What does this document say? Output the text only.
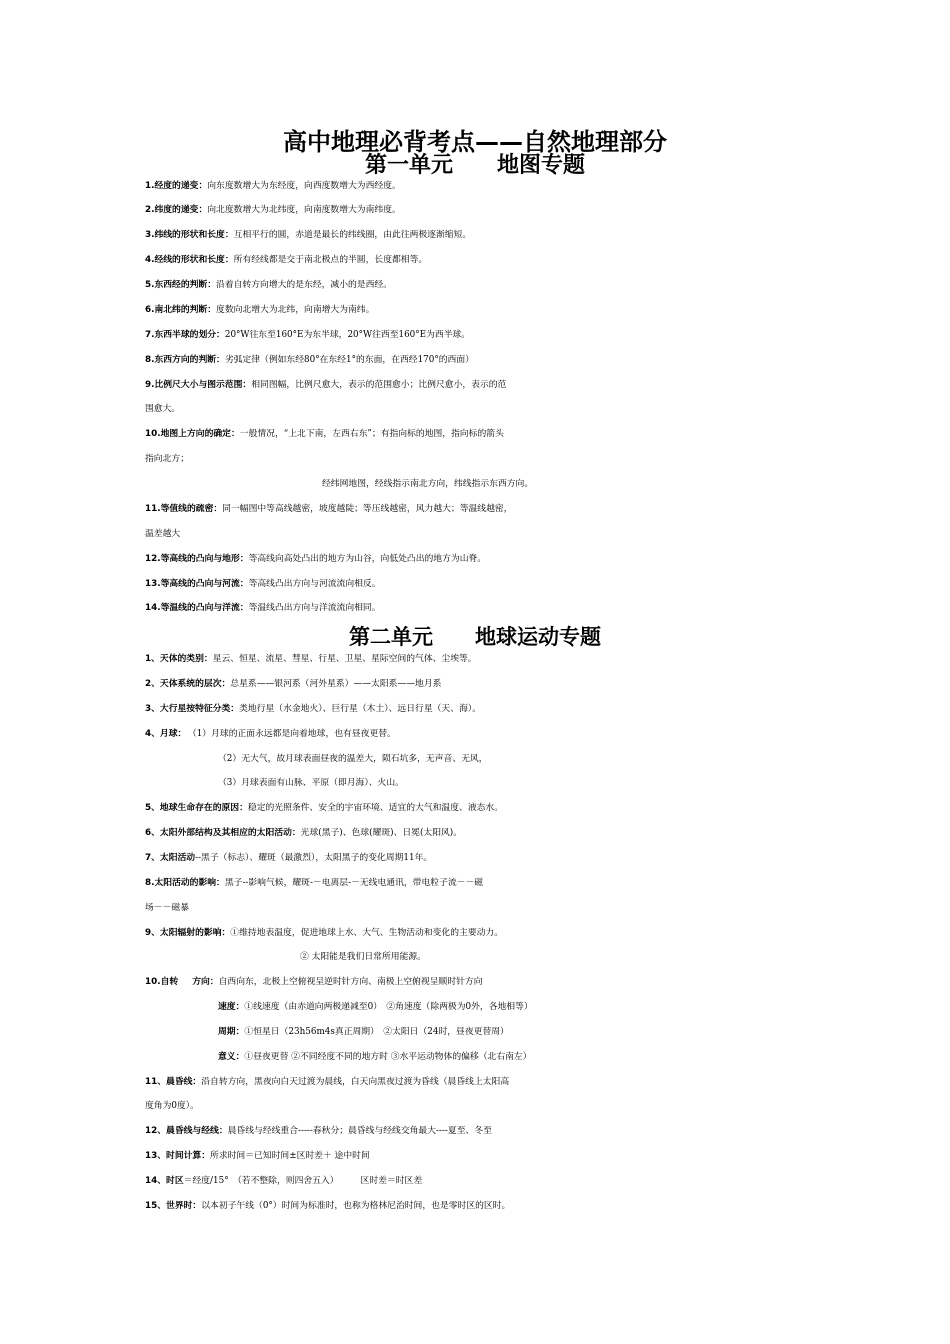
高中地理必背考点——自然地理部分
第一单元　　地图专题
1.经度的递变：向东度数增大为东经度，向西度数增大为西经度。
2.纬度的递变：向北度数增大为北纬度，向南度数增大为南纬度。
3.纬线的形状和长度：互相平行的圆，赤道是最长的纬线圈，由此往两极逐渐缩短。
4.经线的形状和长度：所有经线都是交于南北极点的半圆，长度都相等。
5.东西经的判断：沿着自转方向增大的是东经，减小的是西经。
6.南北纬的判断：度数向北增大为北纬，向南增大为南纬。
7.东西半球的划分：20°W往东至160°E为东半球，20°W往西至160°E为西半球。
8.东西方向的判断：劣弧定律（例如东经80°在东经1°的东面，在西经170°的西面）
9.比例尺大小与图示范围：相同图幅，比例尺愈大，表示的范围愈小；比例尺愈小，表示的范
围愈大。
10.地图上方向的确定：一般情况，“上北下南，左西右东”；有指向标的地图，指向标的箭头
指向北方；
经纬网地图，经线指示南北方向，纬线指示东西方向。
11.等值线的疏密：同一幅图中等高线越密，坡度越陡；等压线越密，风力越大；等温线越密，
温差越大
12.等高线的凸向与地形：等高线向高处凸出的地方为山谷，向低处凸出的地方为山脊。
13.等高线的凸向与河流：等高线凸出方向与河流流向相反。
14.等温线的凸向与洋流：等温线凸出方向与洋流流向相同。
第二单元　　地球运动专题
1、天体的类别：星云、恒星、流星、彗星、行星、卫星、星际空间的气体、尘埃等。
2、天体系统的层次：总星系——银河系（河外星系）——太阳系——地月系
3、大行星按特征分类：类地行星（水金地火）、巨行星（木土）、远日行星（天、海）。
4、月球： （1）月球的正面永远都是向着地球，也有昼夜更替。
（2）无大气，故月球表面昼夜的温差大，陨石坑多，无声音、无风，
（3）月球表面有山脉、平原（即月海）、火山。
5、地球生命存在的原因：稳定的光照条件、安全的宇宙环境、适宜的大气和温度、液态水。
6、太阳外部结构及其相应的太阳活动：光球(黑子)、色球(耀斑)、日冕(太阳风)。
7、太阳活动--黑子（标志）、耀斑（最激烈），太阳黑子的变化周期11年。
8.太阳活动的影响：黑子--影响气候，耀斑-－电离层-－无线电通讯，带电粒子流－－磁
场－－磁暴
9、太阳辐射的影响：①维持地表温度，促进地球上水、大气、生物活动和变化的主要动力。
② 太阳能是我们日常所用能源。
10.自转 方向：自西向东，北极上空俯视呈逆时针方向、南极上空俯视呈顺时针方向
速度：①线速度（由赤道向两极递减至0）　②角速度（除两极为0外，各地相等）
周期：①恒星日（23h56m4s真正周期）　②太阳日（24时，昼夜更替周）
意义：①昼夜更替 ②不同经度不同的地方时 ③水平运动物体的偏移（北右南左）
11、晨昏线：沿自转方向，黑夜向白天过渡为晨线，白天向黑夜过渡为昏线（晨昏线上太阳高
度角为0度）。
12、晨昏线与经线：晨昏线与经线重合-----春秋分；晨昏线与经线交角最大----夏至、冬至
13、时间计算：所求时间＝已知时间±区时差＋ 途中时间
14、时区＝经度/15°　（若不整除，则四舍五入）　　　区时差＝时区差
15、世界时：以本初子午线（0°）时间为标准时，也称为格林尼治时间，也是零时区的区时。
